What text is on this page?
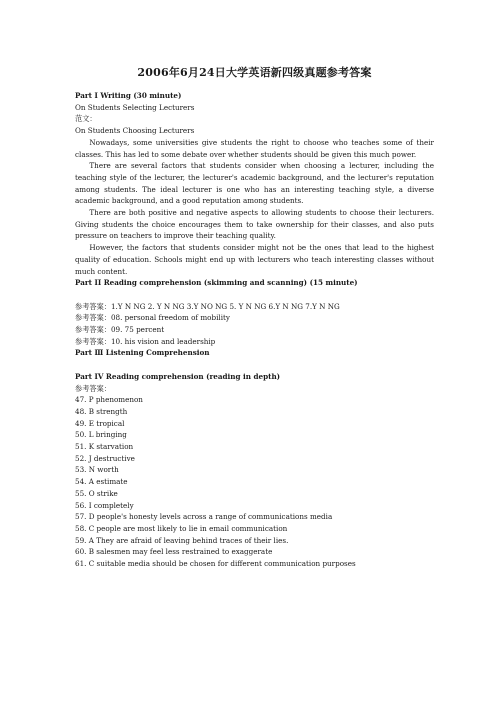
2006年6月24日大学英语新四级真题参考答案
Part I Writing (30 minute)
On Students Selecting Lecturers
范文：
On Students Choosing Lecturers

Nowadays, some universities give students the right to choose who teaches some of their classes. This has led to some debate over whether students should be given this much power.

There are several factors that students consider when choosing a lecturer, including the teaching style of the lecturer, the lecturer's academic background, and the lecturer's reputation among students. The ideal lecturer is one who has an interesting teaching style, a diverse academic background, and a good reputation among students.

There are both positive and negative aspects to allowing students to choose their lecturers. Giving students the choice encourages them to take ownership for their classes, and also puts pressure on teachers to improve their teaching quality.

However, the factors that students consider might not be the ones that lead to the highest quality of education. Schools might end up with lecturers who teach interesting classes without much content.

Part II Reading comprehension (skimming and scanning) (15 minute)
参考答案：1.Y N NG 2. Y N NG 3.Y NO NG 5. Y N NG 6.Y N NG 7.Y N NG
参考答案：08. personal freedom of mobility
参考答案：09. 75 percent
参考答案：10. his vision and leadership
Part Ⅲ Listening Comprehension
Part IV Reading comprehension (reading in depth)
参考答案：
47. P phenomenon
48. B strength
49. E tropical
50. L bringing
51. K starvation
52. J destructive
53. N worth
54. A estimate
55. O strike
56. I completely
57. D people's honesty levels across a range of communications media
58. C people are most likely to lie in email communication
59. A They are afraid of leaving behind traces of their lies.
60. B salesmen may feel less restrained to exaggerate
61. C suitable media should be chosen for different communication purposes
